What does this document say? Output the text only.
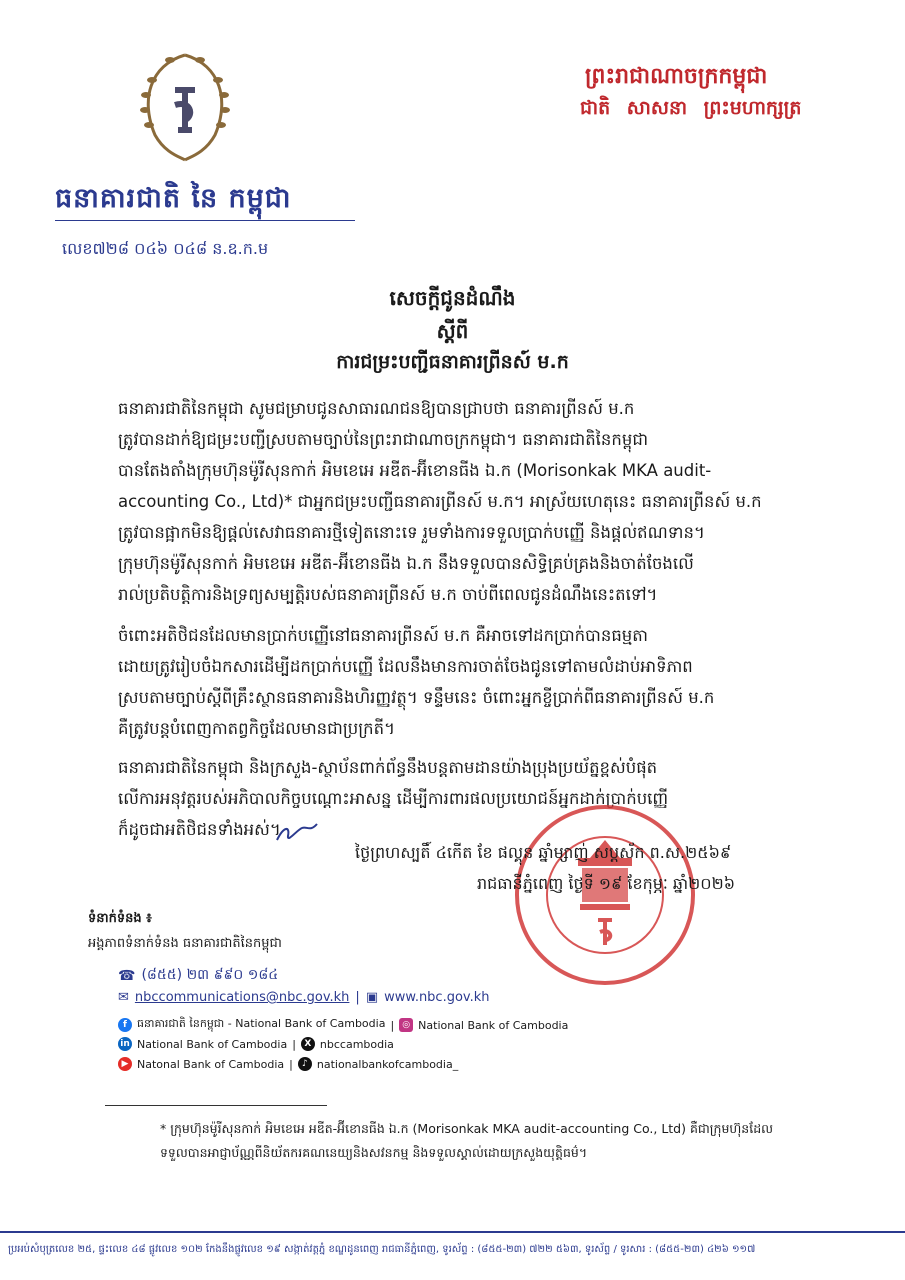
ធនាគារជាតិ នៃ កម្ពុជា
លេខ៧២៨ ០៤៦ ០៤៨ ន.ឧ.ក.ម
ព្រះរាជាណាចក្រកម្ពុជា
ជាតិ សាសនា ព្រះមហាក្សត្រ
សេចក្ដីជូនដំណឹង
ស្ដីពី
ការជម្រះបញ្ជីធនាគារព្រីនស៍ ម.ក
ធនាគារជាតិនៃកម្ពុជា សូមជម្រាបជូនសាធារណជនឱ្យបានជ្រាបថា ធនាគារព្រីនស៍ ម.ក
ត្រូវបានដាក់ឱ្យជម្រះបញ្ជីស្របតាមច្បាប់នៃព្រះរាជាណាចក្រកម្ពុជា។ ធនាគារជាតិនៃកម្ពុជា
បានតែងតាំងក្រុមហ៊ុនម៉ូរីសុនកាក់ អិមខេអេ អឌីត-អ៊ីខោនធីង ឯ.ក (Morisonkak MKA audit-
accounting Co., Ltd)* ជាអ្នកជម្រះបញ្ជីធនាគារព្រីនស៍ ម.ក។ អាស្រ័យហេតុនេះ ធនាគារព្រីនស៍ ម.ក
ត្រូវបានផ្អាកមិនឱ្យផ្ដល់សេវាធនាគារថ្មីទៀតនោះទេ រួមទាំងការទទួលប្រាក់បញ្ញើ និងផ្ដល់ឥណទាន។
ក្រុមហ៊ុនម៉ូរីសុនកាក់ អិមខេអេ អឌីត-អ៊ីខោនធីង ឯ.ក នឹងទទួលបានសិទ្ធិគ្រប់គ្រងនិងចាត់ចែងលើ
រាល់ប្រតិបត្តិការនិងទ្រព្យសម្បត្តិរបស់ធនាគារព្រីនស៍ ម.ក ចាប់ពីពេលជូនដំណឹងនេះតទៅ។
ចំពោះអតិថិជនដែលមានប្រាក់បញ្ញើនៅធនាគារព្រីនស៍ ម.ក គឺអាចទៅដកប្រាក់បានធម្មតា
ដោយត្រូវរៀបចំឯកសារដើម្បីដកប្រាក់បញ្ញើ ដែលនឹងមានការចាត់ចែងជូនទៅតាមលំដាប់អាទិភាព
ស្របតាមច្បាប់ស្ដីពីគ្រឹះស្ថានធនាគារនិងហិរញ្ញវត្ថុ។ ទន្ទឹមនេះ ចំពោះអ្នកខ្ចីប្រាក់ពីធនាគារព្រីនស៍ ម.ក
គឺត្រូវបន្តបំពេញកាតព្វកិច្ចដែលមានជាប្រក្រតី។
ធនាគារជាតិនៃកម្ពុជា និងក្រសួង-ស្ថាប័នពាក់ព័ន្ធនឹងបន្តតាមដានយ៉ាងប្រុងប្រយ័ត្នខ្ពស់បំផុត
លើការអនុវត្តរបស់អភិបាលកិច្ចបណ្ដោះអាសន្ន ដើម្បីការពារផលប្រយោជន៍អ្នកដាក់ប្រាក់បញ្ញើ
ក៏ដូចជាអតិថិជនទាំងអស់។
ថ្ងៃព្រហស្បតិ៍ ៤កើត ខែ ផល្គុន ឆ្នាំម្សាញ់ សប្តស័ក ព.ស.២៥៦៩
រាជធានីភ្នំពេញ ថ្ងៃទី ១៩ ខែកុម្ភៈ ឆ្នាំ២០២៦
ទំនាក់ទំនង ៖
អង្គភាពទំនាក់ទំនង ធនាគារជាតិនៃកម្ពុជា
☎ (៨៥៥) ២៣ ៩៩០ ១៨៤
✉ nbccommunications@nbc.gov.kh | ▣ www.nbc.gov.kh
f ធនាគារជាតិ នៃកម្ពុជា - National Bank of Cambodia | ◎ National Bank of Cambodia
in National Bank of Cambodia | X nbccambodia
▶ Natonal Bank of Cambodia |	♪ nationalbankofcambodia_
* ក្រុមហ៊ុនម៉ូរីសុនកាក់ អិមខេអេ អឌីត-អ៊ីខោនធីង ឯ.ក (Morisonkak MKA audit-accounting Co., Ltd) គឺជាក្រុមហ៊ុនដែល
ទទួលបានអាជ្ញាប័ណ្ណពីនិយ័តករគណនេយ្យនិងសវនកម្ម និងទទួលស្គាល់ដោយក្រសួងយុត្តិធម៌។
ប្រអប់សំបុត្រលេខ ២៥, ផ្ទះលេខ ៤៨ ផ្លូវលេខ ១០២ កែងនឹងផ្លូវលេខ ១៩ សង្កាត់វត្តភ្នំ ខណ្ឌដូនពេញ រាជធានីភ្នំពេញ, ទូរស័ព្ទ : (៨៥៥-២៣) ៧២២ ៥៦៣, ទូរស័ព្ទ / ទូរសារ : (៨៥៥-២៣) ៤២៦ ១១៧
